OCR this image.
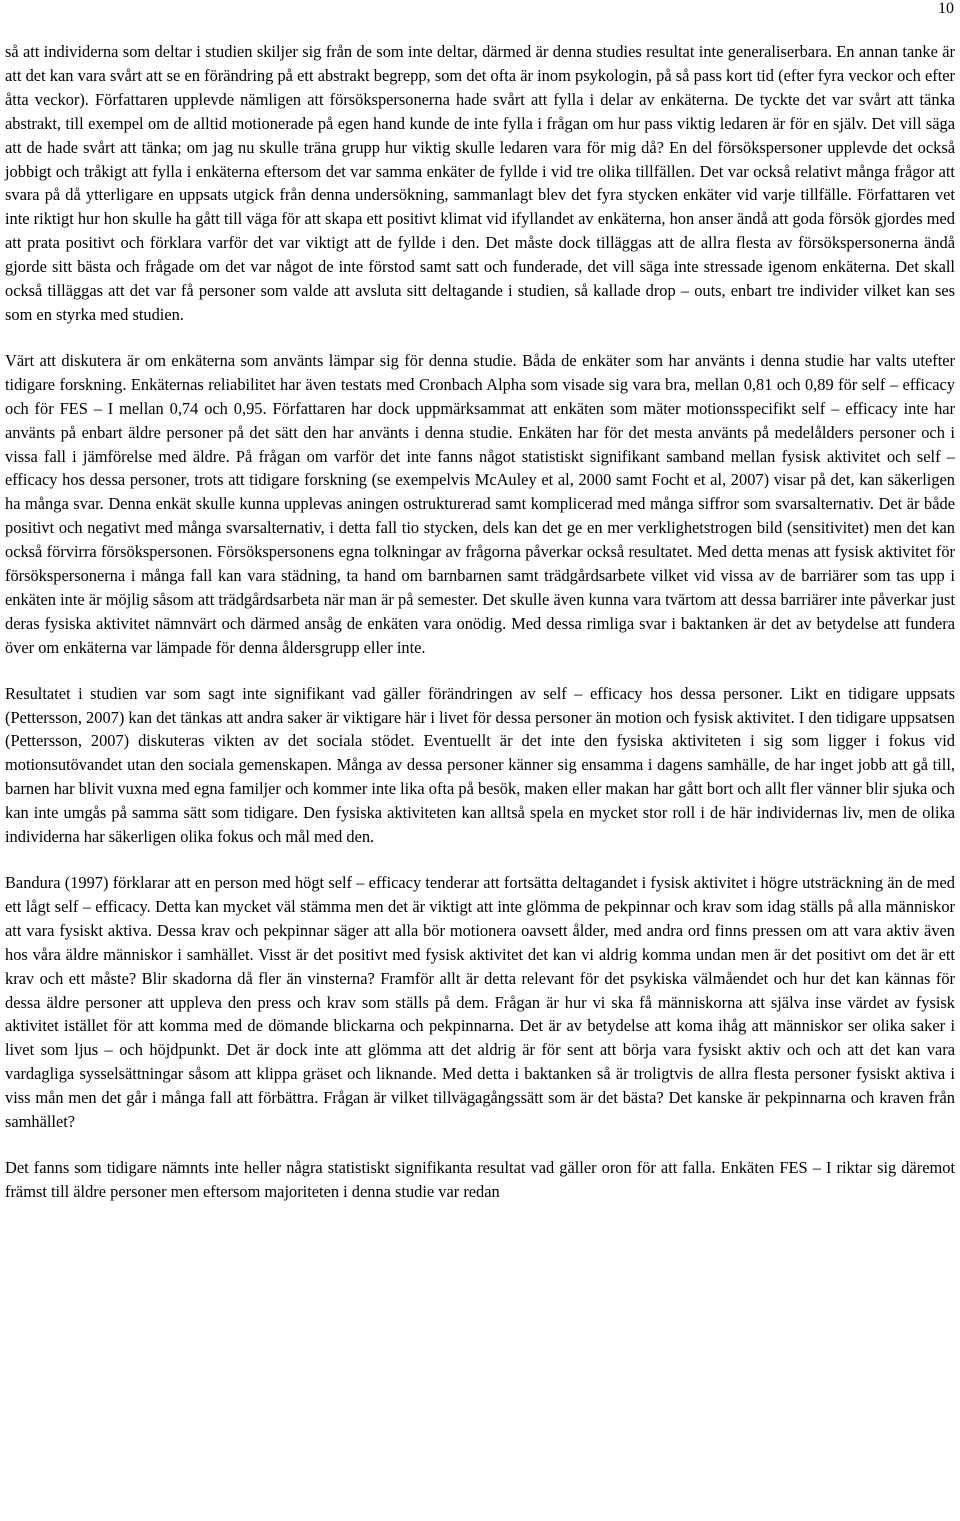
10

så att individerna som deltar i studien skiljer sig från de som inte deltar, därmed är denna studies resultat inte generaliserbara. En annan tanke är att det kan vara svårt att se en förändring på ett abstrakt begrepp, som det ofta är inom psykologin, på så pass kort tid (efter fyra veckor och efter åtta veckor). Författaren upplevde nämligen att försökspersonerna hade svårt att fylla i delar av enkäterna. De tyckte det var svårt att tänka abstrakt, till exempel om de alltid motionerade på egen hand kunde de inte fylla i frågan om hur pass viktig ledaren är för en själv. Det vill säga att de hade svårt att tänka; om jag nu skulle träna grupp hur viktig skulle ledaren vara för mig då? En del försökspersoner upplevde det också jobbigt och tråkigt att fylla i enkäterna eftersom det var samma enkäter de fyllde i vid tre olika tillfällen. Det var också relativt många frågor att svara på då ytterligare en uppsats utgick från denna undersökning, sammanlagt blev det fyra stycken enkäter vid varje tillfälle. Författaren vet inte riktigt hur hon skulle ha gått till väga för att skapa ett positivt klimat vid ifyllandet av enkäterna, hon anser ändå att goda försök gjordes med att prata positivt och förklara varför det var viktigt att de fyllde i den. Det måste dock tilläggas att de allra flesta av försökspersonerna ändå gjorde sitt bästa och frågade om det var något de inte förstod samt satt och funderade, det vill säga inte stressade igenom enkäterna. Det skall också tilläggas att det var få personer som valde att avsluta sitt deltagande i studien, så kallade drop – outs, enbart tre individer vilket kan ses som en styrka med studien.

Värt att diskutera är om enkäterna som använts lämpar sig för denna studie. Båda de enkäter som har använts i denna studie har valts utefter tidigare forskning. Enkäternas reliabilitet har även testats med Cronbach Alpha som visade sig vara bra, mellan 0,81 och 0,89 för self – efficacy och för FES – I mellan 0,74 och 0,95. Författaren har dock uppmärksammat att enkäten som mäter motionsspecifikt self – efficacy inte har använts på enbart äldre personer på det sätt den har använts i denna studie. Enkäten har för det mesta använts på medelålders personer och i vissa fall i jämförelse med äldre. På frågan om varför det inte fanns något statistiskt signifikant samband mellan fysisk aktivitet och self – efficacy hos dessa personer, trots att tidigare forskning (se exempelvis McAuley et al, 2000 samt Focht et al, 2007) visar på det, kan säkerligen ha många svar. Denna enkät skulle kunna upplevas aningen ostrukturerad samt komplicerad med många siffror som svarsalternativ. Det är både positivt och negativt med många svarsalternativ, i detta fall tio stycken, dels kan det ge en mer verklighetstrogen bild (sensitivitet) men det kan också förvirra försökspersonen. Försökspersonens egna tolkningar av frågorna påverkar också resultatet. Med detta menas att fysisk aktivitet för försökspersonerna i många fall kan vara städning, ta hand om barnbarnen samt trädgårdsarbete vilket vid vissa av de barriärer som tas upp i enkäten inte är möjlig såsom att trädgårdsarbeta när man är på semester. Det skulle även kunna vara tvärtom att dessa barriärer inte påverkar just deras fysiska aktivitet nämnvärt och därmed ansåg de enkäten vara onödig. Med dessa rimliga svar i baktanken är det av betydelse att fundera över om enkäterna var lämpade för denna åldersgrupp eller inte.

Resultatet i studien var som sagt inte signifikant vad gäller förändringen av self – efficacy hos dessa personer. Likt en tidigare uppsats (Pettersson, 2007) kan det tänkas att andra saker är viktigare här i livet för dessa personer än motion och fysisk aktivitet. I den tidigare uppsatsen (Pettersson, 2007) diskuteras vikten av det sociala stödet. Eventuellt är det inte den fysiska aktiviteten i sig som ligger i fokus vid motionsutövandet utan den sociala gemenskapen. Många av dessa personer känner sig ensamma i dagens samhälle, de har inget jobb att gå till, barnen har blivit vuxna med egna familjer och kommer inte lika ofta på besök, maken eller makan har gått bort och allt fler vänner blir sjuka och kan inte umgås på samma sätt som tidigare. Den fysiska aktiviteten kan alltså spela en mycket stor roll i de här individernas liv, men de olika individerna har säkerligen olika fokus och mål med den.

Bandura (1997) förklarar att en person med högt self – efficacy tenderar att fortsätta deltagandet i fysisk aktivitet i högre utsträckning än de med ett lågt self – efficacy. Detta kan mycket väl stämma men det är viktigt att inte glömma de pekpinnar och krav som idag ställs på alla människor att vara fysiskt aktiva. Dessa krav och pekpinnar säger att alla bör motionera oavsett ålder, med andra ord finns pressen om att vara aktiv även hos våra äldre människor i samhället. Visst är det positivt med fysisk aktivitet det kan vi aldrig komma undan men är det positivt om det är ett krav och ett måste? Blir skadorna då fler än vinsterna? Framför allt är detta relevant för det psykiska välmåendet och hur det kan kännas för dessa äldre personer att uppleva den press och krav som ställs på dem. Frågan är hur vi ska få människorna att själva inse värdet av fysisk aktivitet istället för att komma med de dömande blickarna och pekpinnarna. Det är av betydelse att koma ihåg att människor ser olika saker i livet som ljus – och höjdpunkt. Det är dock inte att glömma att det aldrig är för sent att börja vara fysiskt aktiv och och att det kan vara vardagliga sysselsättningar såsom att klippa gräset och liknande. Med detta i baktanken så är troligtvis de allra flesta personer fysiskt aktiva i viss mån men det går i många fall att förbättra. Frågan är vilket tillvägagångssätt som är det bästa? Det kanske är pekpinnarna och kraven från samhället?

Det fanns som tidigare nämnts inte heller några statistiskt signifikanta resultat vad gäller oron för att falla. Enkäten FES – I riktar sig däremot främst till äldre personer men eftersom majoriteten i denna studie var redan
